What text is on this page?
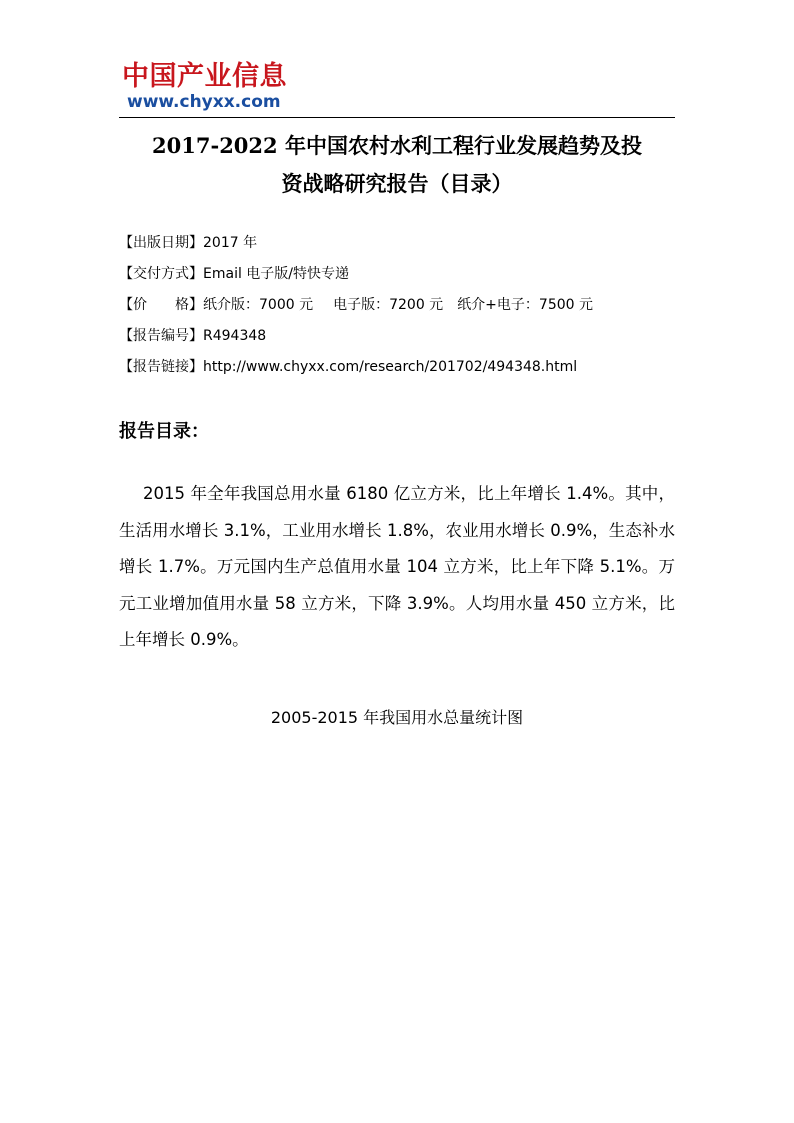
中国产业信息
www.chyxx.com
2017-2022 年中国农村水利工程行业发展趋势及投
资战略研究报告（目录）
【出版日期】2017 年
【交付方式】Email 电子版/特快专递
【价　　格】纸介版：7000 元 电子版：7200 元 纸介+电子：7500 元
【报告编号】R494348
【报告链接】http://www.chyxx.com/research/201702/494348.html
报告目录：
2015 年全年我国总用水量 6180 亿立方米，比上年增长 1.4%。其中，生活用水增长 3.1%，工业用水增长 1.8%，农业用水增长 0.9%，生态补水增长 1.7%。万元国内生产总值用水量 104 立方米，比上年下降 5.1%。万元工业增加值用水量 58 立方米，下降 3.9%。人均用水量 450 立方米，比上年增长 0.9%。
2005-2015 年我国用水总量统计图
